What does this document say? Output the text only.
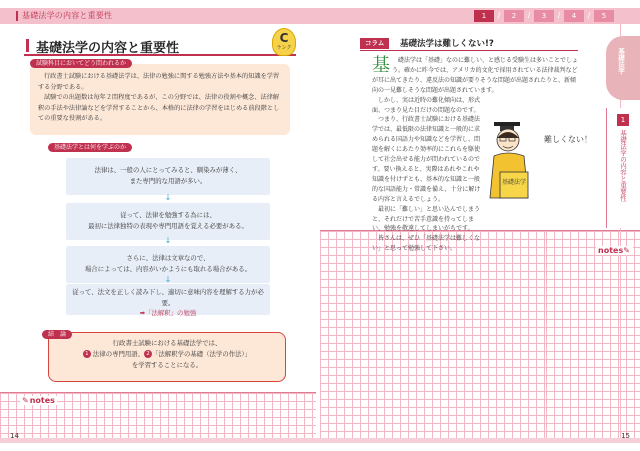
基礎法学の内容と重要性	1	/	2	/	3	/	4	/	5
基礎法学の内容と重要性
C
ランク

行政書士試験における基礎法学は、法律の勉強に関する勉強方法や基本的知識を学習する分野である。

試験での出題数は毎年２問程度であるが、この分野では、法律の役割や概念、法律解釈の手法や法律論などを学習することから、本格的に法律の学習をはじめる前段階としての重要な役割がある。

試験科目においてどう問われるか
基礎法学とは何を学ぶのか
法律は、一般の人にとってみると、馴染みが薄く、
また専門的な用語が多い。
↓
従って、法律を勉強する為には、
最初に法律独特の表現や専門用語を覚える必要がある。
↓
さらに、法律は文章なので、
場合によっては、内容がいかようにも取れる場合がある。
↓
従って、法文を正しく読み下し、適切に意味内容を理解する力が必要。
➡「法解釈」の勉強
行政書士試験における基礎法学では、
1 法律の専門用語、 2 「法解釈学の基礎（法学の作法）」
を学習することになる。
結　論
✎notes
コラム	基礎法学は難しくない!?

基 礎法学は「基礎」なのに難しい、と感じる受験生は多いことでしょう。確かに昨今では、アメリカ的文化で採用されている法律裁判などが耳に出てきたり、違反法の知識が要りそうな問題が出題されたりと、新傾向の一見難しそうな問題が出題されています。

しかし、実は近時の難化傾向は、形式面、つまり見た目だけの問題なのです。

つまり、行政書士試験における基礎法学では、最低限の法律知識と一般的に求められる国語力や知識などを学習し、問題を解くにあたり効率的にこれらを駆使して社会出せる能力が問われているのです。要い換えると、実際はあれやこれや知識を付けずとも、基本的な知識と一般的な国語能力・常識を備え、十分に解ける内容と言えるでしょう。

最初に「難しい」と思い込んでしまうと、それだけで苦手意識を持ってしまい、勉強を敬遠してしまいがちです。

皆さんは、ぜひ「基礎法学は難しくない」と思って勉強して下さい。

基礎法学
難しくない！
基礎法学
1
基礎法学の内容と重要性
notes✎
14	15
